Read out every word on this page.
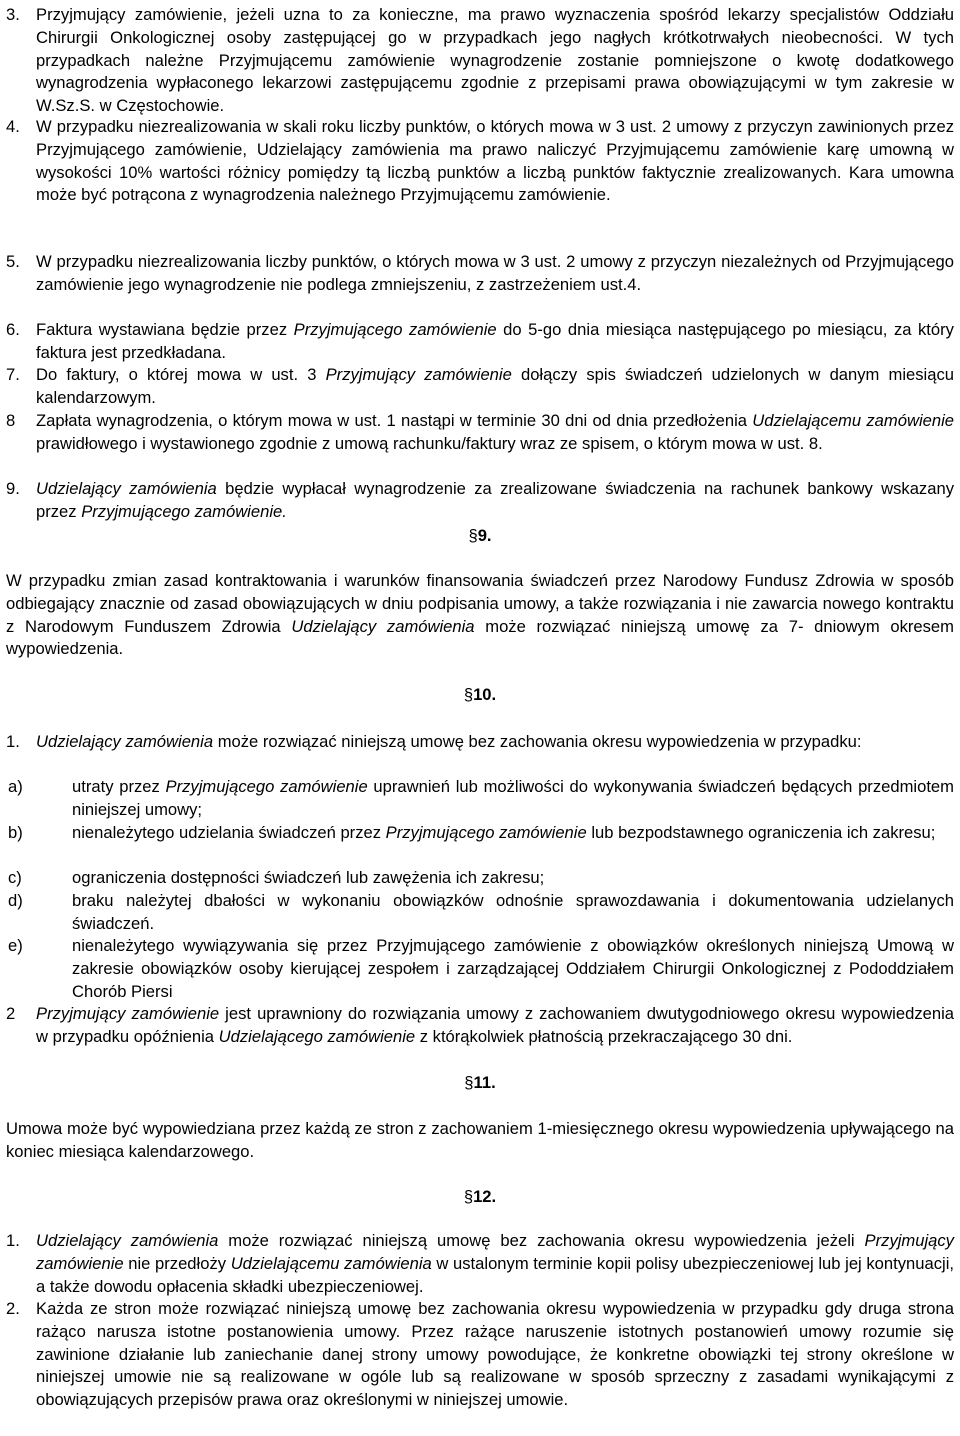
3. Przyjmujący zamówienie, jeżeli uzna to za konieczne, ma prawo wyznaczenia spośród lekarzy specjalistów Oddziału Chirurgii Onkologicznej osoby zastępującej go w przypadkach jego nagłych krótkotrwałych nieobecności. W tych przypadkach należne Przyjmującemu zamówienie wynagrodzenie zostanie pomniejszone o kwotę dodatkowego wynagrodzenia wypłaconego lekarzowi zastępującemu zgodnie z przepisami prawa obowiązującymi w tym zakresie w W.Sz.S. w Częstochowie.
4. W przypadku niezrealizowania w skali roku liczby punktów, o których mowa w 3 ust. 2 umowy z przyczyn zawinionych przez Przyjmującego zamówienie, Udzielający zamówienia ma prawo naliczyć Przyjmującemu zamówienie karę umowną w wysokości 10% wartości różnicy pomiędzy tą liczbą punktów a liczbą punktów faktycznie zrealizowanych. Kara umowna może być potrącona z wynagrodzenia należnego Przyjmującemu zamówienie.
5. W przypadku niezrealizowania liczby punktów, o których mowa w 3 ust. 2 umowy z przyczyn niezależnych od Przyjmującego zamówienie jego wynagrodzenie nie podlega zmniejszeniu, z zastrzeżeniem ust.4.
6. Faktura wystawiana będzie przez Przyjmującego zamówienie do 5-go dnia miesiąca następującego po miesiącu, za który faktura jest przedkładana.
7. Do faktury, o której mowa w ust. 3 Przyjmujący zamówienie dołączy spis świadczeń udzielonych w danym miesiącu kalendarzowym.
8 Zapłata wynagrodzenia, o którym mowa w ust. 1 nastąpi w terminie 30 dni od dnia przedłożenia Udzielającemu zamówienie prawidłowego i wystawionego zgodnie z umową rachunku/faktury wraz ze spisem, o którym mowa w ust. 8.
9. Udzielający zamówienia będzie wypłacał wynagrodzenie za zrealizowane świadczenia na rachunek bankowy wskazany przez Przyjmującego zamówienie.
§9.
W przypadku zmian zasad kontraktowania i warunków finansowania świadczeń przez Narodowy Fundusz Zdrowia w sposób odbiegający znacznie od zasad obowiązujących w dniu podpisania umowy, a także rozwiązania i nie zawarcia nowego kontraktu z Narodowym Funduszem Zdrowia Udzielający zamówienia może rozwiązać niniejszą umowę za 7- dniowym okresem wypowiedzenia.
§10.
1. Udzielający zamówienia może rozwiązać niniejszą umowę bez zachowania okresu wypowiedzenia w przypadku:
a)	utraty przez Przyjmującego zamówienie uprawnień lub możliwości do wykonywania świadczeń będących przedmiotem niniejszej umowy;
b)	nienależytego udzielania świadczeń przez Przyjmującego zamówienie lub bezpodstawnego ograniczenia ich zakresu;
c)	ograniczenia dostępności świadczeń lub zawężenia ich zakresu;
d)	braku należytej dbałości w wykonaniu obowiązków odnośnie sprawozdawania i dokumentowania udzielanych świadczeń.
e)	nienależytego wywiązywania się przez Przyjmującego zamówienie z obowiązków określonych niniejszą Umową w zakresie obowiązków osoby kierującej zespołem i zarządzającej Oddziałem Chirurgii Onkologicznej z Pododdziałem Chorób Piersi
2 Przyjmujący zamówienie jest uprawniony do rozwiązania umowy z zachowaniem dwutygodniowego okresu wypowiedzenia w przypadku opóźnienia Udzielającego zamówienie z którąkolwiek płatnością przekraczającego 30 dni.
§11.
Umowa może być wypowiedziana przez każdą ze stron z zachowaniem 1-miesięcznego okresu wypowiedzenia upływającego na koniec miesiąca kalendarzowego.
§12.
1. Udzielający zamówienia może rozwiązać niniejszą umowę bez zachowania okresu wypowiedzenia jeżeli Przyjmujący zamówienie nie przedłoży Udzielającemu zamówienia w ustalonym terminie kopii polisy ubezpieczeniowej lub jej kontynuacji, a także dowodu opłacenia składki ubezpieczeniowej.
2. Każda ze stron może rozwiązać niniejszą umowę bez zachowania okresu wypowiedzenia w przypadku gdy druga strona rażąco narusza istotne postanowienia umowy. Przez rażące naruszenie istotnych postanowień umowy rozumie się zawinione działanie lub zaniechanie danej strony umowy powodujące, że konkretne obowiązki tej strony określone w niniejszej umowie nie są realizowane w ogóle lub są realizowane w sposób sprzeczny z zasadami wynikającymi z obowiązujących przepisów prawa oraz określonymi w niniejszej umowie.
